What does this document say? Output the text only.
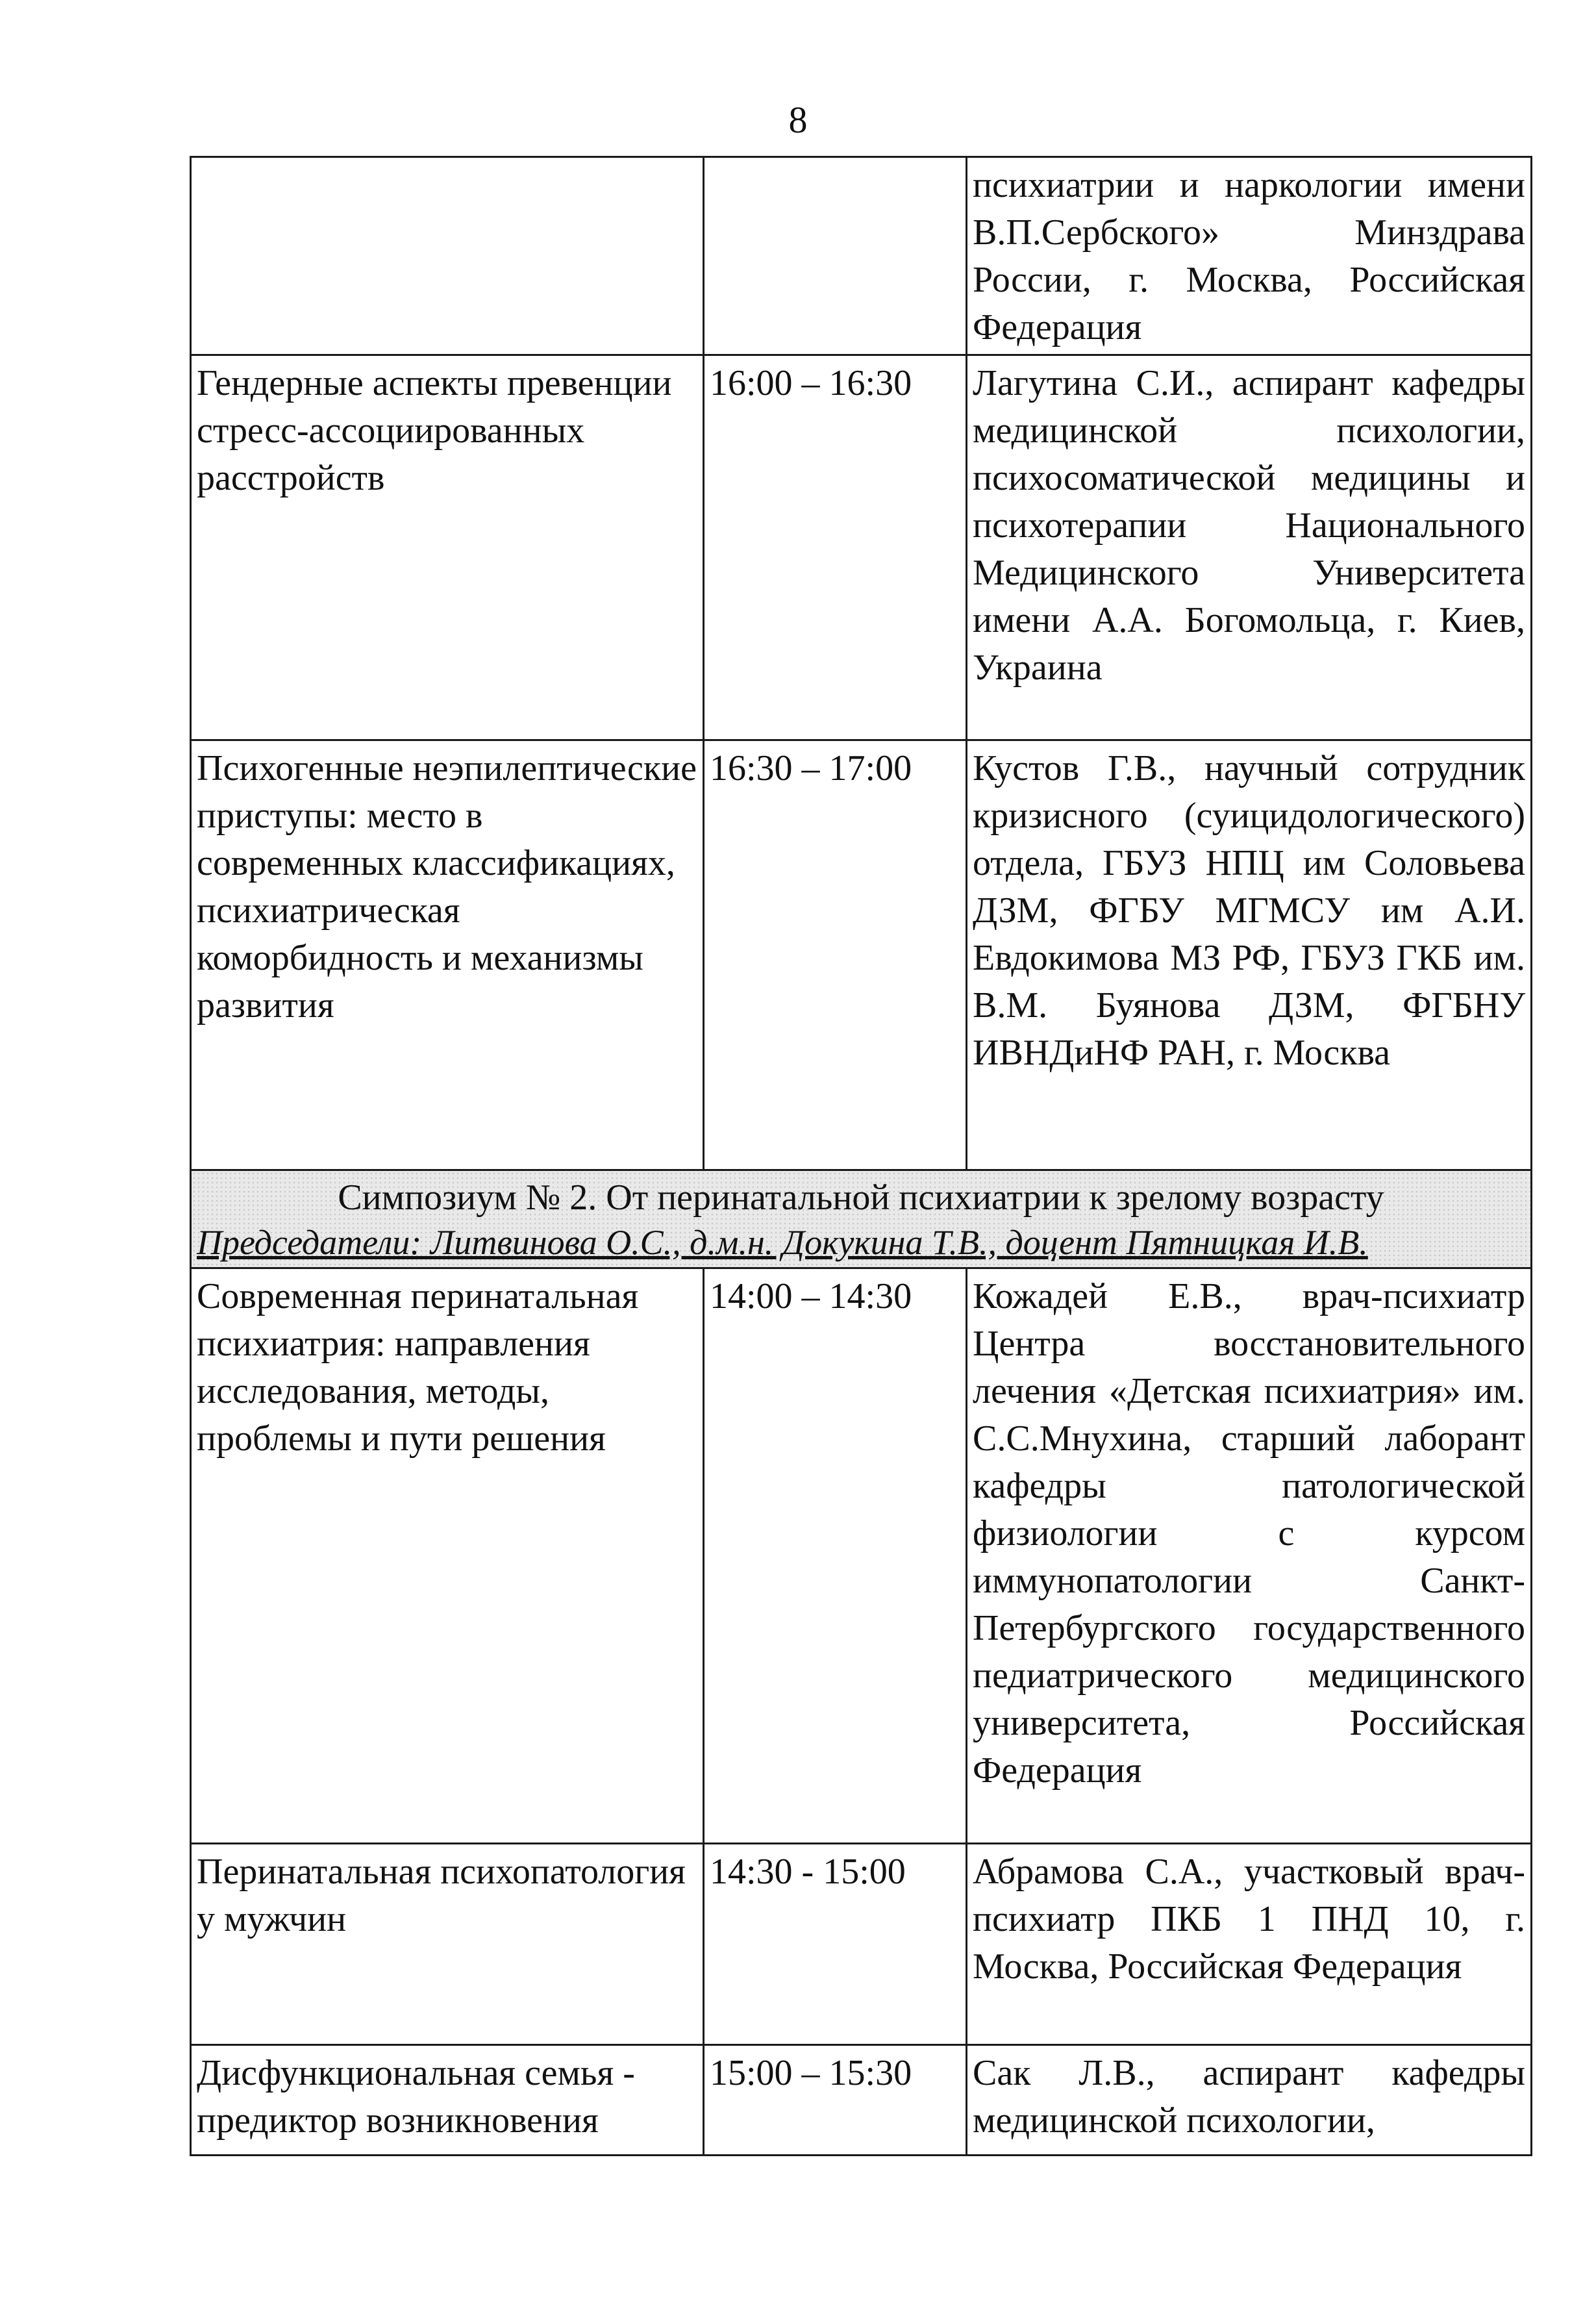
8
		психиатрии и наркологии имени В.П.Сербского» Минздрава России, г. Москва, Российская Федерация
Гендерные аспекты превенции стресс-ассоциированных расстройств	16:00 – 16:30	Лагутина С.И., аспирант кафедры медицинской психологии, психосоматической медицины и психотерапии Национального Медицинского Университета имени А.А. Богомольца, г. Киев, Украина
Психогенные неэпилептические приступы: место в современных классификациях, психиатрическая коморбидность и механизмы развития	16:30 – 17:00	Кустов Г.В., научный сотрудник кризисного (суицидологического) отдела, ГБУЗ НПЦ им Соловьева ДЗМ, ФГБУ МГМСУ им А.И. Евдокимова МЗ РФ, ГБУЗ ГКБ им. В.М. Буянова ДЗМ, ФГБНУ ИВНДиНФ РАН, г. Москва

Симпозиум № 2. От перинатальной психиатрии к зрелому возрасту
Председатели: Литвинова О.С., д.м.н. Докукина Т.В., доцент Пятницкая И.В.		

Современная перинатальная психиатрия: направления исследования, методы, проблемы и пути решения	14:00 – 14:30	Кожадей Е.В., врач-психиатр Центра восстановительного лечения «Детская психиатрия» им. С.С.Мнухина, старший лаборант кафедры патологической физиологии с курсом иммунопатологии Санкт-Петербургского государственного педиатрического медицинского университета, Российская Федерация
Перинатальная психопатология у мужчин	14:30 - 15:00	Абрамова С.А., участковый врач-психиатр ПКБ 1 ПНД 10, г. Москва, Российская Федерация
Дисфункциональная семья - предиктор возникновения	15:00 – 15:30	Сак Л.В., аспирант кафедры медицинской психологии,
